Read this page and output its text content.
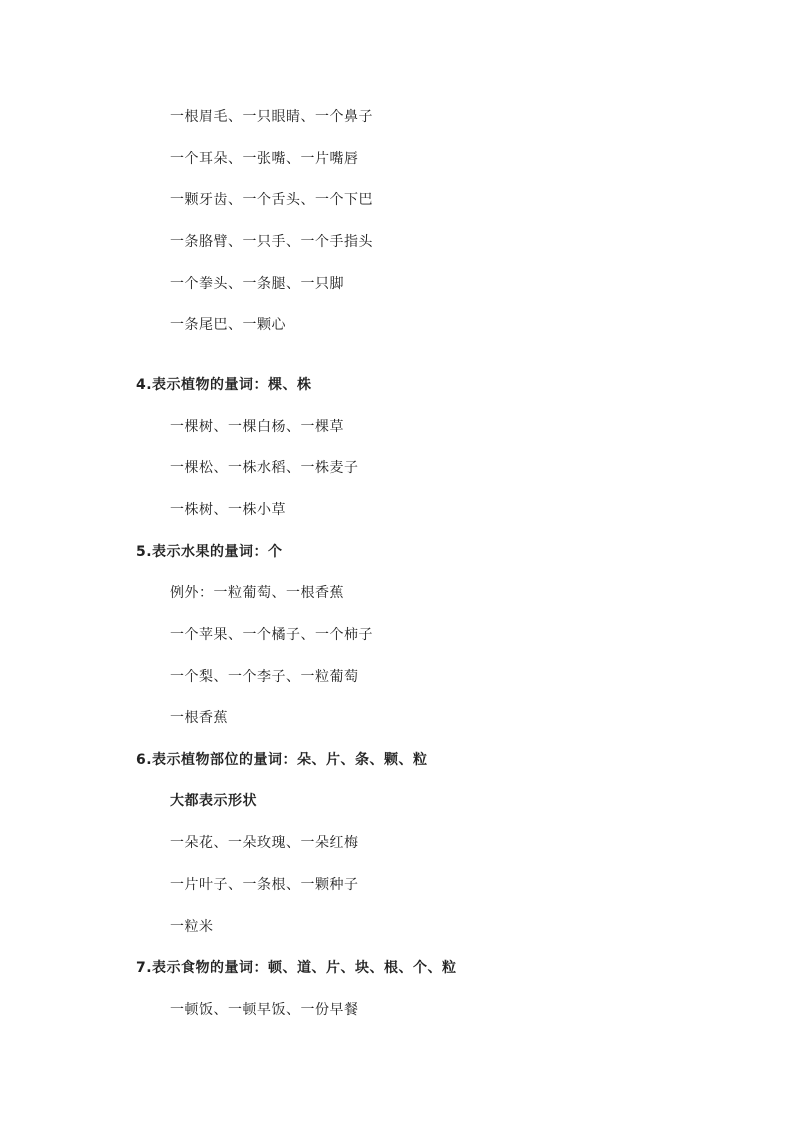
一根眉毛、一只眼睛、一个鼻子
一个耳朵、一张嘴、一片嘴唇
一颗牙齿、一个舌头、一个下巴
一条胳臂、一只手、一个手指头
一个拳头、一条腿、一只脚
一条尾巴、一颗心
4.表示植物的量词：棵、株
一棵树、一棵白杨、一棵草
一棵松、一株水稻、一株麦子
一株树、一株小草
5.表示水果的量词：个
例外：一粒葡萄、一根香蕉
一个苹果、一个橘子、一个柿子
一个梨、一个李子、一粒葡萄
一根香蕉
6.表示植物部位的量词：朵、片、条、颗、粒
大都表示形状
一朵花、一朵玫瑰、一朵红梅
一片叶子、一条根、一颗种子
一粒米
7.表示食物的量词：顿、道、片、块、根、个、粒
一顿饭、一顿早饭、一份早餐
